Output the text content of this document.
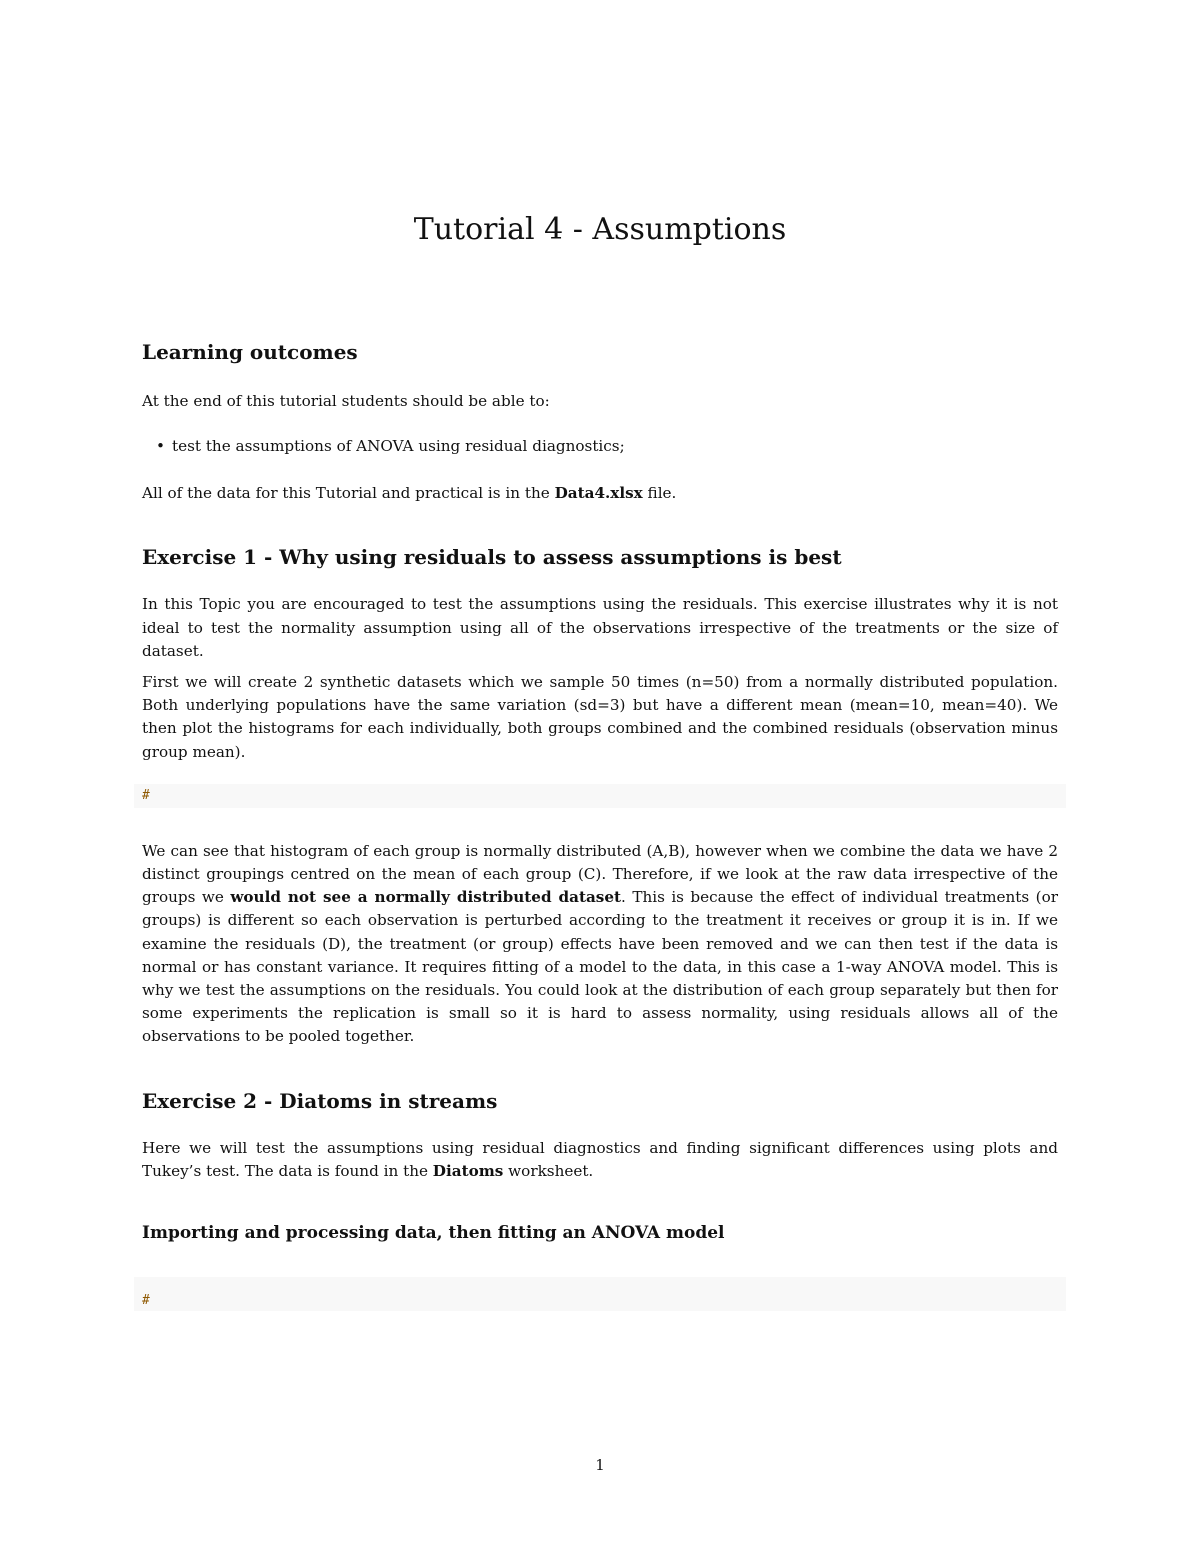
Tutorial 4 - Assumptions
Learning outcomes

At the end of this tutorial students should be able to:

• test the assumptions of ANOVA using residual diagnostics;

All of the data for this Tutorial and practical is in the Data4.xlsx file.

Exercise 1 - Why using residuals to assess assumptions is best

In this Topic you are encouraged to test the assumptions using the residuals. This exercise illustrates why it is not ideal to test the normality assumption using all of the observations irrespective of the treatments or the size of dataset.

First we will create 2 synthetic datasets which we sample 50 times (n=50) from a normally distributed population. Both underlying populations have the same variation (sd=3) but have a different mean (mean=10, mean=40). We then plot the histograms for each individually, both groups combined and the combined residuals (observation minus group mean).

#

We can see that histogram of each group is normally distributed (A,B), however when we combine the data we have 2 distinct groupings centred on the mean of each group (C). Therefore, if we look at the raw data irrespective of the groups we would not see a normally distributed dataset. This is because the effect of individual treatments (or groups) is different so each observation is perturbed according to the treatment it receives or group it is in. If we examine the residuals (D), the treatment (or group) effects have been removed and we can then test if the data is normal or has constant variance. It requires fitting of a model to the data, in this case a 1-way ANOVA model. This is why we test the assumptions on the residuals. You could look at the distribution of each group separately but then for some experiments the replication is small so it is hard to assess normality, using residuals allows all of the observations to be pooled together.

Exercise 2 - Diatoms in streams

Here we will test the assumptions using residual diagnostics and finding significant differences using plots and Tukey’s test. The data is found in the Diatoms worksheet.

Importing and processing data, then fitting an ANOVA model
#
1
